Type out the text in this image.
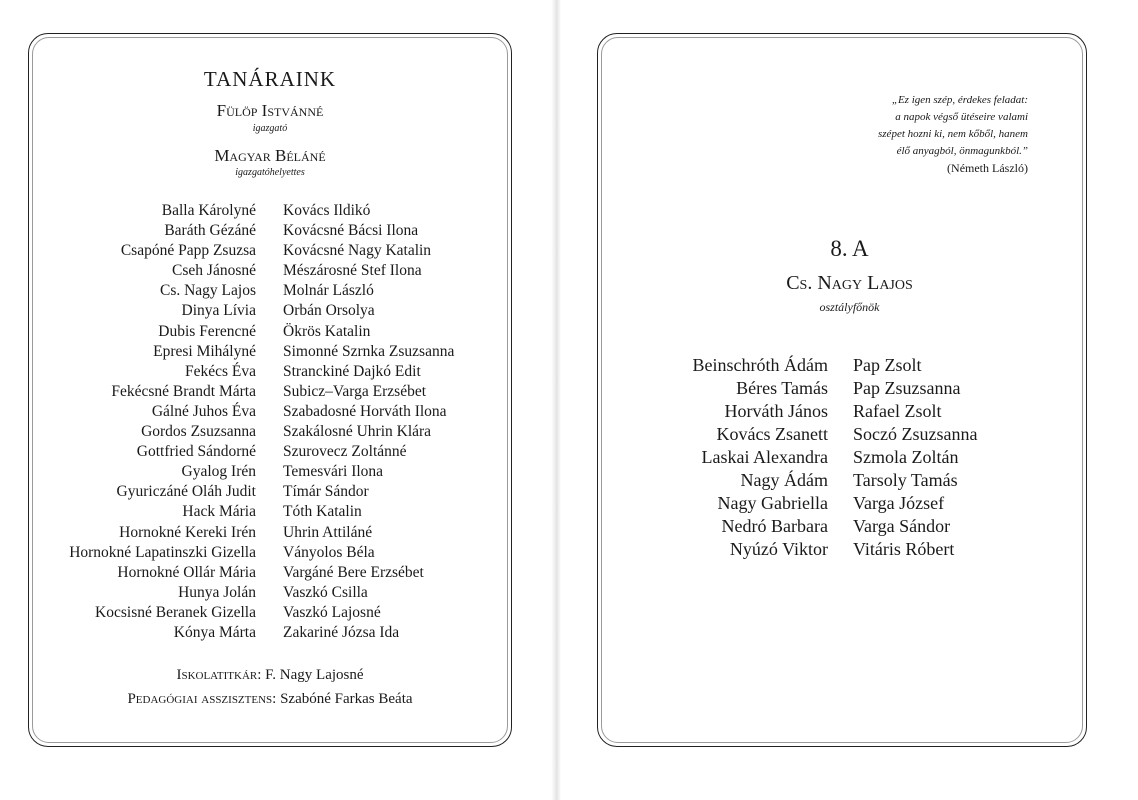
TANÁRAINK
Fülöp Istvánné
igazgató
Magyar Béláné
igazgatóhelyettes
Balla Károlyné
Baráth Gézáné
Csapóné Papp Zsuzsa
Cseh Jánosné
Cs. Nagy Lajos
Dinya Lívia
Dubis Ferencné
Epresi Mihályné
Fekécs Éva
Fekécsné Brandt Márta
Gálné Juhos Éva
Gordos Zsuzsanna
Gottfried Sándorné
Gyalog Irén
Gyuriczáné Oláh Judit
Hack Mária
Hornokné Kereki Irén
Hornokné Lapatinszki Gizella
Hornokné Ollár Mária
Hunya Jolán
Kocsisné Beranek Gizella
Kónya Márta
Kovács Ildikó
Kovácsné Bácsi Ilona
Kovácsné Nagy Katalin
Mészárosné Stef Ilona
Molnár László
Orbán Orsolya
Ökrös Katalin
Simonné Szrnka Zsuzsanna
Stranckiné Dajkó Edit
Subicz–Varga Erzsébet
Szabadosné Horváth Ilona
Szakálosné Uhrin Klára
Szurovecz Zoltánné
Temesvári Ilona
Tímár Sándor
Tóth Katalin
Uhrin Attiláné
Ványolos Béla
Vargáné Bere Erzsébet
Vaszkó Csilla
Vaszkó Lajosné
Zakariné Józsa Ida
Iskolatitkár: F. Nagy Lajosné
Pedagógiai asszisztens: Szabóné Farkas Beáta
„Ez igen szép, érdekes feladat:
a napok végső ütéseire valami
szépet hozni ki, nem kőből, hanem
élő anyagból, önmagunkból.”
(Németh László)
8. A
Cs. Nagy Lajos
osztályfőnök
Beinschróth Ádám
Béres Tamás
Horváth János
Kovács Zsanett
Laskai Alexandra
Nagy Ádám
Nagy Gabriella
Nedró Barbara
Nyúzó Viktor
Pap Zsolt
Pap Zsuzsanna
Rafael Zsolt
Soczó Zsuzsanna
Szmola Zoltán
Tarsoly Tamás
Varga József
Varga Sándor
Vitáris Róbert
